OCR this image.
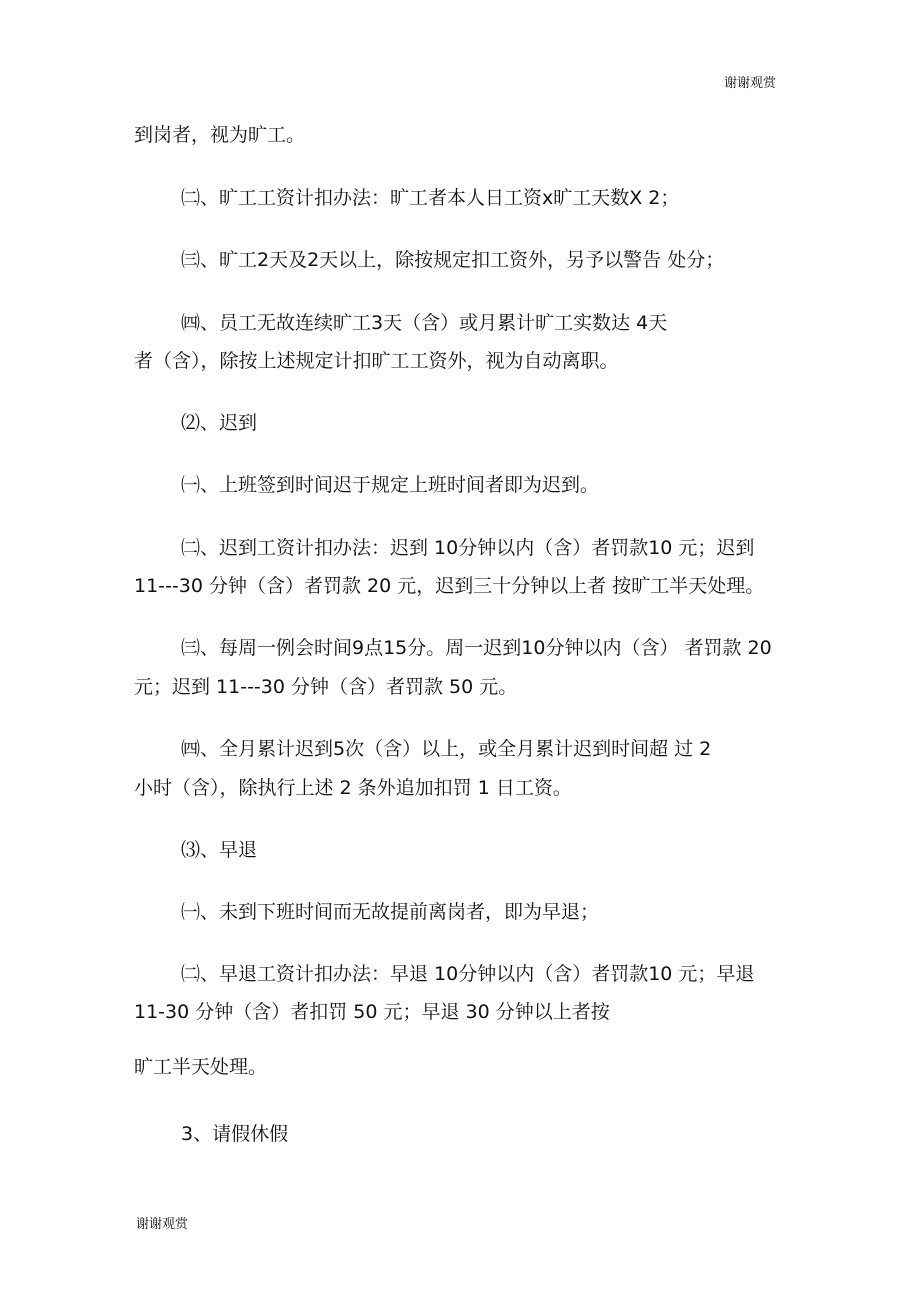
谢谢观赏
到岗者，视为旷工。
㈡、旷工工资计扣办法：旷工者本人日工资x旷工天数X 2；
㈢、旷工2天及2天以上，除按规定扣工资外，另予以警告 处分；
㈣、员工无故连续旷工3天（含）或月累计旷工实数达 4天
者（含），除按上述规定计扣旷工工资外，视为自动离职。
⑵、迟到
㈠、上班签到时间迟于规定上班时间者即为迟到。
㈡、迟到工资计扣办法：迟到 10分钟以内（含）者罚款10 元；迟到
11---30 分钟（含）者罚款 20 元，迟到三十分钟以上者 按旷工半天处理。
㈢、每周一例会时间9点15分。周一迟到10分钟以内（含） 者罚款 20
元；迟到 11---30 分钟（含）者罚款 50 元。
㈣、全月累计迟到5次（含）以上，或全月累计迟到时间超 过 2
小时（含），除执行上述 2 条外追加扣罚 1 日工资。
⑶、早退
㈠、未到下班时间而无故提前离岗者，即为早退；
㈡、早退工资计扣办法：早退 10分钟以内（含）者罚款10 元；早退
11-30 分钟（含）者扣罚 50 元；早退 30 分钟以上者按
旷工半天处理。
3、请假休假
谢谢观赏
